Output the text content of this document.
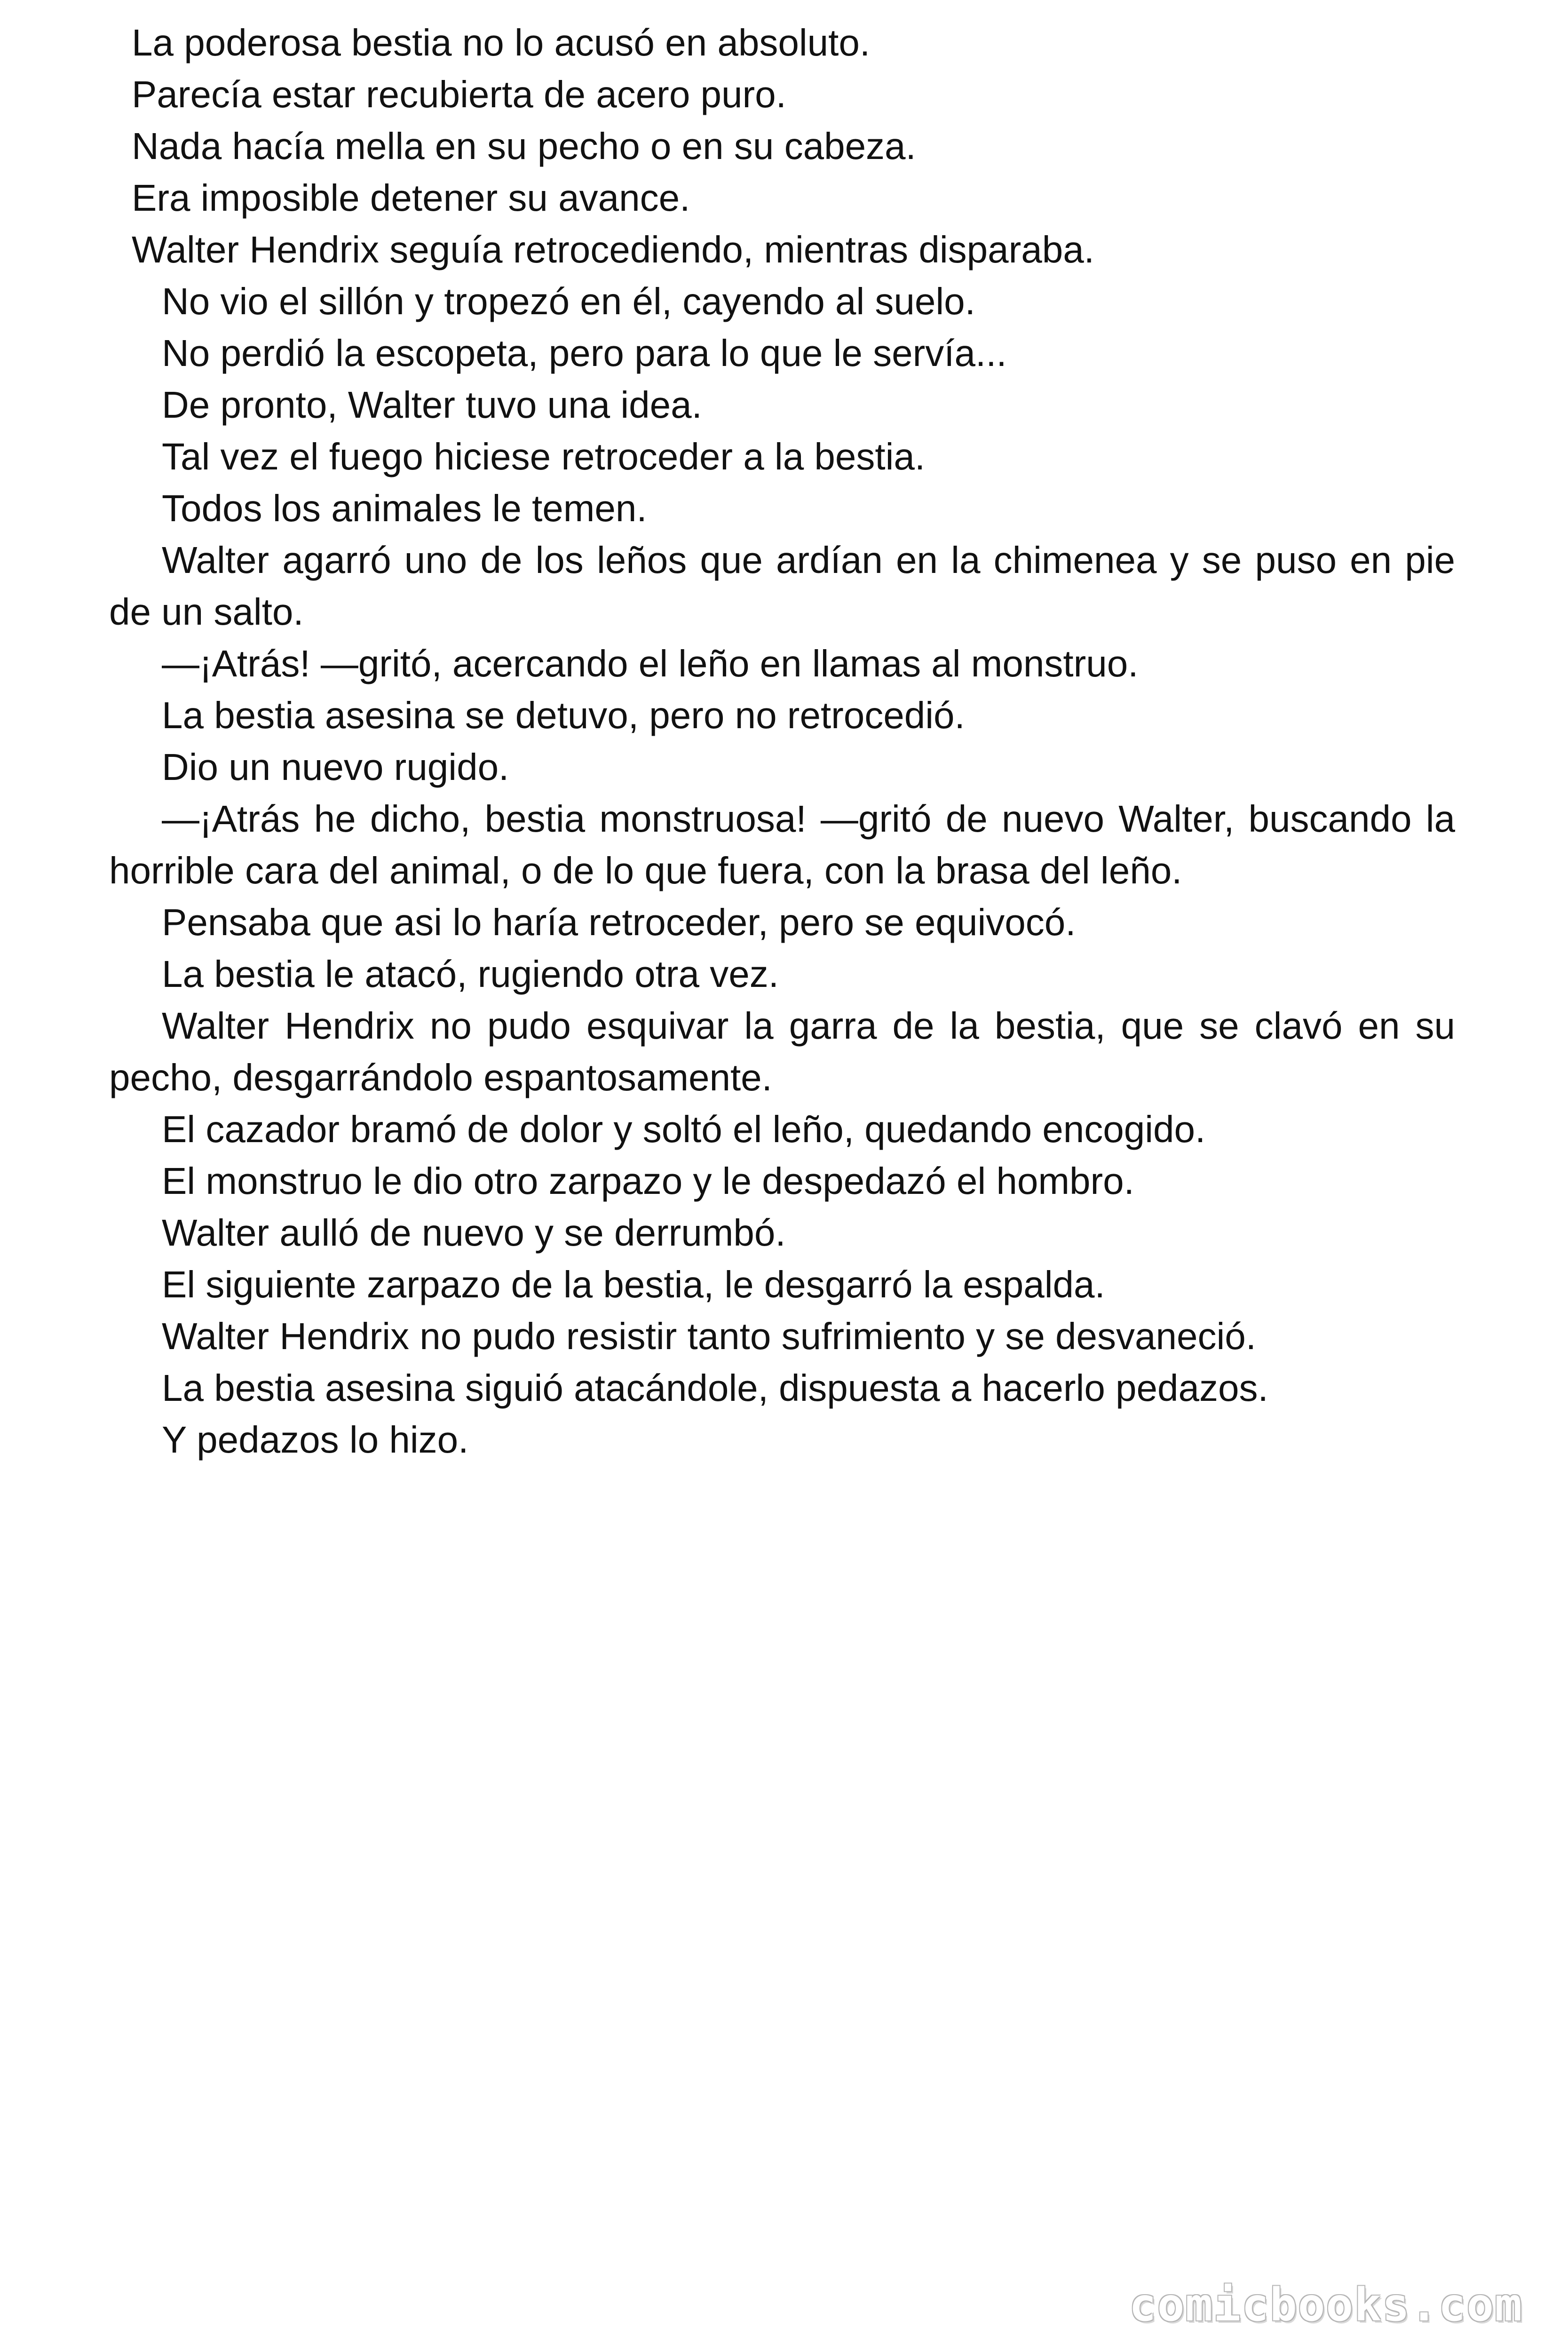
La poderosa bestia no lo acusó en absoluto.

Parecía estar recubierta de acero puro.

Nada hacía mella en su pecho o en su cabeza.

Era imposible detener su avance.

Walter Hendrix seguía retrocediendo, mientras disparaba.

No vio el sillón y tropezó en él, cayendo al suelo.

No perdió la escopeta, pero para lo que le servía...

De pronto, Walter tuvo una idea.

Tal vez el fuego hiciese retroceder a la bestia.

Todos los animales le temen.

Walter agarró uno de los leños que ardían en la chimenea y se puso en pie de un salto.

—¡Atrás! —gritó, acercando el leño en llamas al monstruo.

La bestia asesina se detuvo, pero no retrocedió.

Dio un nuevo rugido.

—¡Atrás he dicho, bestia monstruosa! —gritó de nuevo Walter, buscando la horrible cara del animal, o de lo que fuera, con la brasa del leño.

Pensaba que asi lo haría retroceder, pero se equivocó.

La bestia le atacó, rugiendo otra vez.

Walter Hendrix no pudo esquivar la garra de la bestia, que se clavó en su pecho, desgarrándolo espantosamente.

El cazador bramó de dolor y soltó el leño, quedando encogido.

El monstruo le dio otro zarpazo y le despedazó el hombro.

Walter aulló de nuevo y se derrumbó.

El siguiente zarpazo de la bestia, le desgarró la espalda.

Walter Hendrix no pudo resistir tanto sufrimiento y se desvaneció.

La bestia asesina siguió atacándole, dispuesta a hacerlo pedazos.

Y pedazos lo hizo.

comicbooks.com
